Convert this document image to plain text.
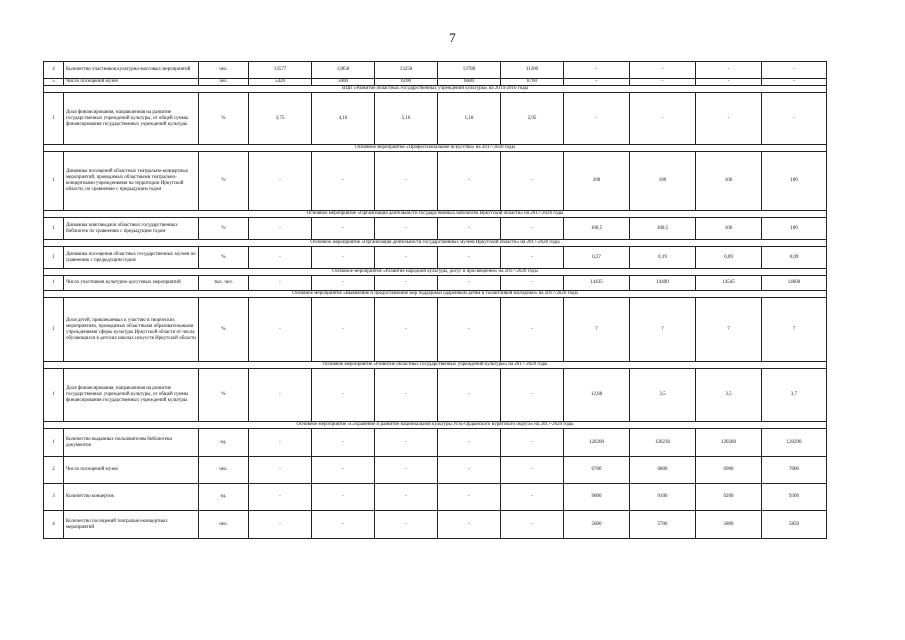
7
4	Количество участников культурно-массовых мероприятий	чел.	13577	12850	13250	13780	11200	-	-	-	-
5	Число посещений музея	чел.	5420	5600	6100	6600	8700	-	-	-	-
ВЦП «Развитие областных государственных учреждений культуры» на 2014-2016 годы											
1	Доля финансирования, направленная на развитие государственных учреждений культуры, от общей суммы финансирования государственных учреждений культуры	%	3,75	4,16	5,16	1,18	2,95	-	-	-	-
Основное мероприятие «Профессиональное искусство» на 2017-2020 годы											
1	Динамика посещений областных театрально-концертных мероприятий, проводимых областными театрально-концертными учреждениями на территории Иркутской области, по сравнению с предыдущим годом	%	-	-	-	-	-	100	100	100	100
Основное мероприятие «Организация деятельности государственных библиотек Иркутской области» на 2017-2020 годы											
1	Динамика книговыдачи областных государственных библиотек по сравнению с предыдущим годом	%	-	-	-	-	-	100,5	100,5	100	100
Основное мероприятие «Организация деятельности государственных музеев Иркутской области» на 2017-2020 годы											
1	Динамика посещения областных государственных музеев по сравнению с предыдущим годом	%	-	-	-	-	-	0,27	0,19	0,09	0,09
Основное мероприятие «Развитие народной культуры, досуг и просвещение» на 2017-2020 годы											
1	Число участников культурно-досуговых мероприятий	тыс. чел.	-	-	-	-	-	14435	14490	14545	14600
Основное мероприятие «Выявление и предоставление мер поддержки одаренным детям и талантливой молодежи» на 2017-2020 годы											
1	Доля детей, привлекаемых к участию в творческих мероприятиях, проводимых областными образовательными учреждениями сферы культуры Иркутской области от числа обучающихся в детских школах искусств Иркутской области	%	-	-	-	-	-	7	7	7	7
Основное мероприятие «Развитие областных государственных учреждений культуры» на 2017-2020 годы											
1	Доля финансирования, направленная на развитие государственных учреждений культуры, от общей суммы финансирования государственных учреждений культуры	%	-	-	-	-	-	12,68	3,5	3,5	3,7
Основное мероприятие «Сохранение и развитие национальной культуры Усть-Ордынского Бурятского округа» на 2017-2020 годы											
1	Количество выданных пользователям библиотеки документов	ед.	-	-	-	-	-	120200	120230	120260	120290
2	Число посещений музея	чел.	-	-	-	-	-	6700	6800	6900	7000
3	Количество концертов	ед.	-	-	-	-	-	9000	9100	9200	9300
4	Количество посещений театрально-концертных мероприятий	чел.	-	-	-	-	-	5600	5700	5800	5850
